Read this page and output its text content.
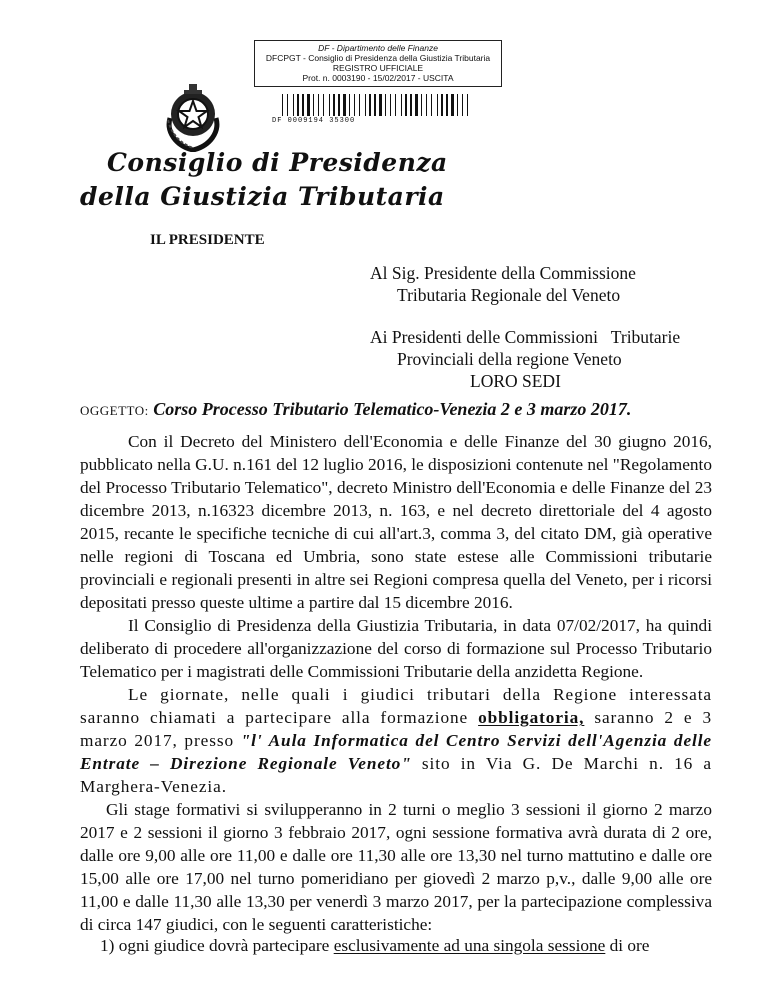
DF - Dipartimento delle Finanze
DFCPGT - Consiglio di Presidenza della Giustizia Tributaria
REGISTRO UFFICIALE
Prot. n. 0003190 - 15/02/2017 - USCITA
DF 0009194 35300
Consiglio di Presidenza
della Giustizia Tributaria
IL PRESIDENTE
Al Sig. Presidente della Commissione
Tributaria Regionale del Veneto
Ai Presidenti delle Commissioni   Tributarie
Provinciali della regione Veneto
LORO SEDI
OGGETTO: Corso Processo Tributario Telematico-Venezia 2 e 3 marzo 2017.

Con il Decreto del Ministero dell'Economia e delle Finanze del 30 giugno 2016, pubblicato nella G.U. n.161 del 12 luglio 2016, le disposizioni contenute nel "Regolamento del Processo Tributario Telematico", decreto Ministro dell'Economia e delle Finanze del 23 dicembre 2013, n.16323 dicembre 2013, n. 163, e nel decreto direttoriale del 4 agosto 2015, recante le specifiche tecniche di cui all'art.3, comma 3, del citato DM, già operative nelle regioni di Toscana ed Umbria, sono state estese alle Commissioni tributarie provinciali e regionali presenti in altre sei Regioni compresa quella del Veneto, per i ricorsi depositati presso queste ultime a partire dal 15 dicembre 2016.

Il Consiglio di Presidenza della Giustizia Tributaria, in data 07/02/2017, ha quindi deliberato di procedere all'organizzazione del corso di formazione sul Processo Tributario Telematico per i magistrati delle Commissioni Tributarie della anzidetta Regione.

Le giornate, nelle quali i giudici tributari della Regione interessata saranno chiamati a partecipare alla formazione obbligatoria, saranno 2 e 3 marzo 2017, presso "l' Aula Informatica del Centro Servizi dell'Agenzia delle Entrate – Direzione Regionale Veneto" sito in Via G. De Marchi n. 16 a Marghera-Venezia.

Gli stage formativi si svilupperanno in 2 turni o meglio 3 sessioni il giorno 2 marzo 2017 e 2 sessioni il giorno 3 febbraio 2017, ogni sessione formativa avrà durata di 2 ore, dalle ore 9,00 alle ore 11,00 e dalle ore 11,30 alle ore 13,30 nel turno mattutino e dalle ore 15,00 alle ore 17,00 nel turno pomeridiano per giovedì 2 marzo p,v., dalle 9,00 alle ore 11,00 e dalle 11,30 alle 13,30 per venerdì 3 marzo 2017, per la partecipazione complessiva di circa 147 giudici, con le seguenti caratteristiche:

1) ogni giudice dovrà partecipare esclusivamente ad una singola sessione di ore
